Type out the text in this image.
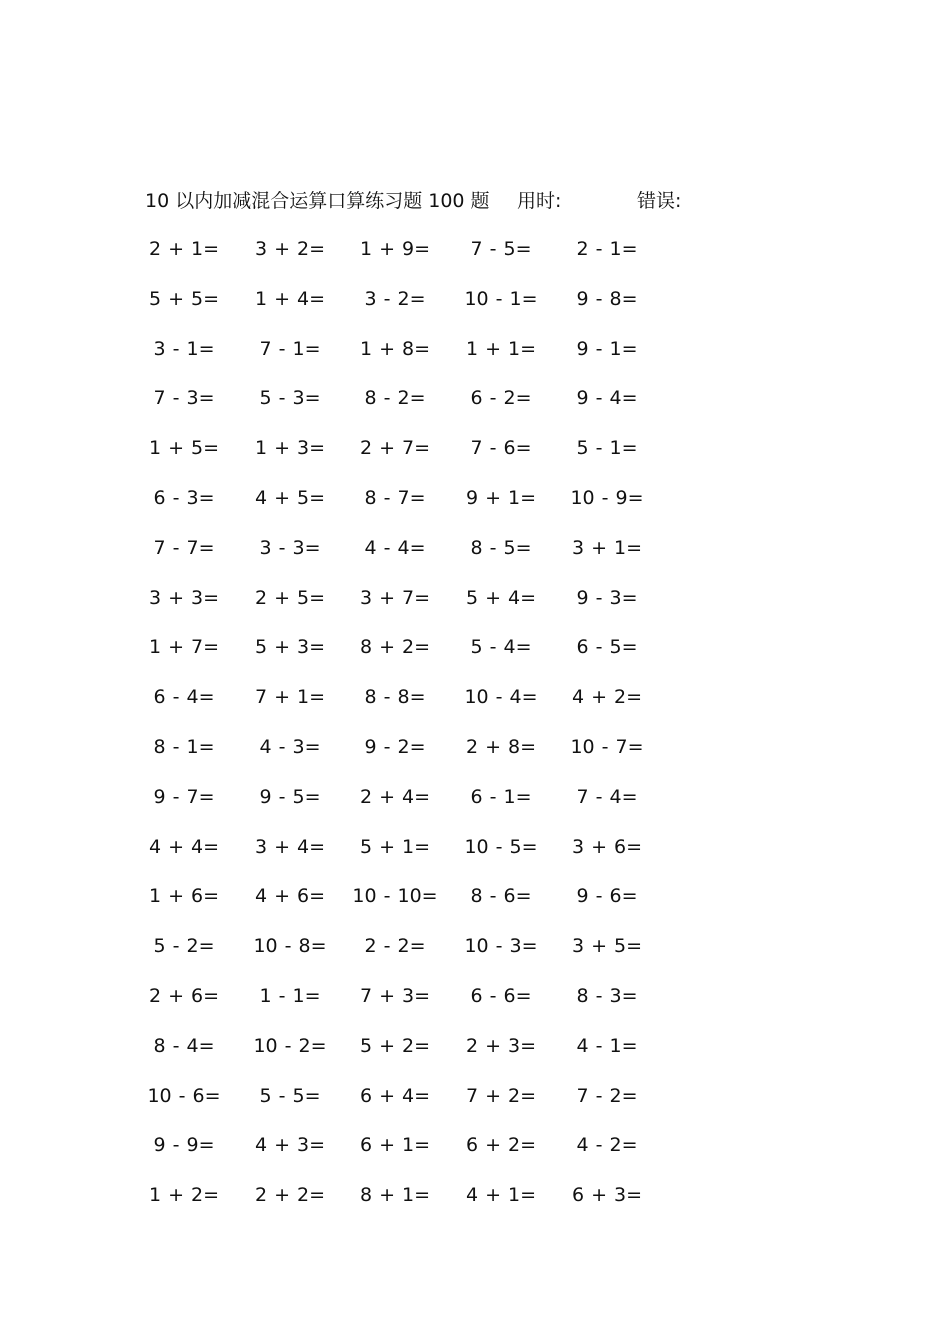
10 以内加减混合运算口算练习题 100 题 用时:	错误:
2 + 1= 3 + 2= 1 + 9= 7 - 5= 2 - 1=
5 + 5= 1 + 4= 3 - 2= 10 - 1= 9 - 8=
3 - 1= 7 - 1= 1 + 8= 1 + 1= 9 - 1=
7 - 3= 5 - 3= 8 - 2= 6 - 2= 9 - 4=
1 + 5= 1 + 3= 2 + 7= 7 - 6= 5 - 1=
6 - 3= 4 + 5= 8 - 7= 9 + 1= 10 - 9=
7 - 7= 3 - 3= 4 - 4= 8 - 5= 3 + 1=
3 + 3= 2 + 5= 3 + 7= 5 + 4= 9 - 3=
1 + 7= 5 + 3= 8 + 2= 5 - 4= 6 - 5=
6 - 4= 7 + 1= 8 - 8= 10 - 4= 4 + 2=
8 - 1= 4 - 3= 9 - 2= 2 + 8= 10 - 7=
9 - 7= 9 - 5= 2 + 4= 6 - 1= 7 - 4=
4 + 4= 3 + 4= 5 + 1= 10 - 5= 3 + 6=
1 + 6= 4 + 6= 10 - 10= 8 - 6= 9 - 6=
5 - 2= 10 - 8= 2 - 2= 10 - 3= 3 + 5=
2 + 6= 1 - 1= 7 + 3= 6 - 6= 8 - 3=
8 - 4= 10 - 2= 5 + 2= 2 + 3= 4 - 1=
10 - 6= 5 - 5= 6 + 4= 7 + 2= 7 - 2=
9 - 9= 4 + 3= 6 + 1= 6 + 2= 4 - 2=
1 + 2= 2 + 2= 8 + 1= 4 + 1= 6 + 3=
